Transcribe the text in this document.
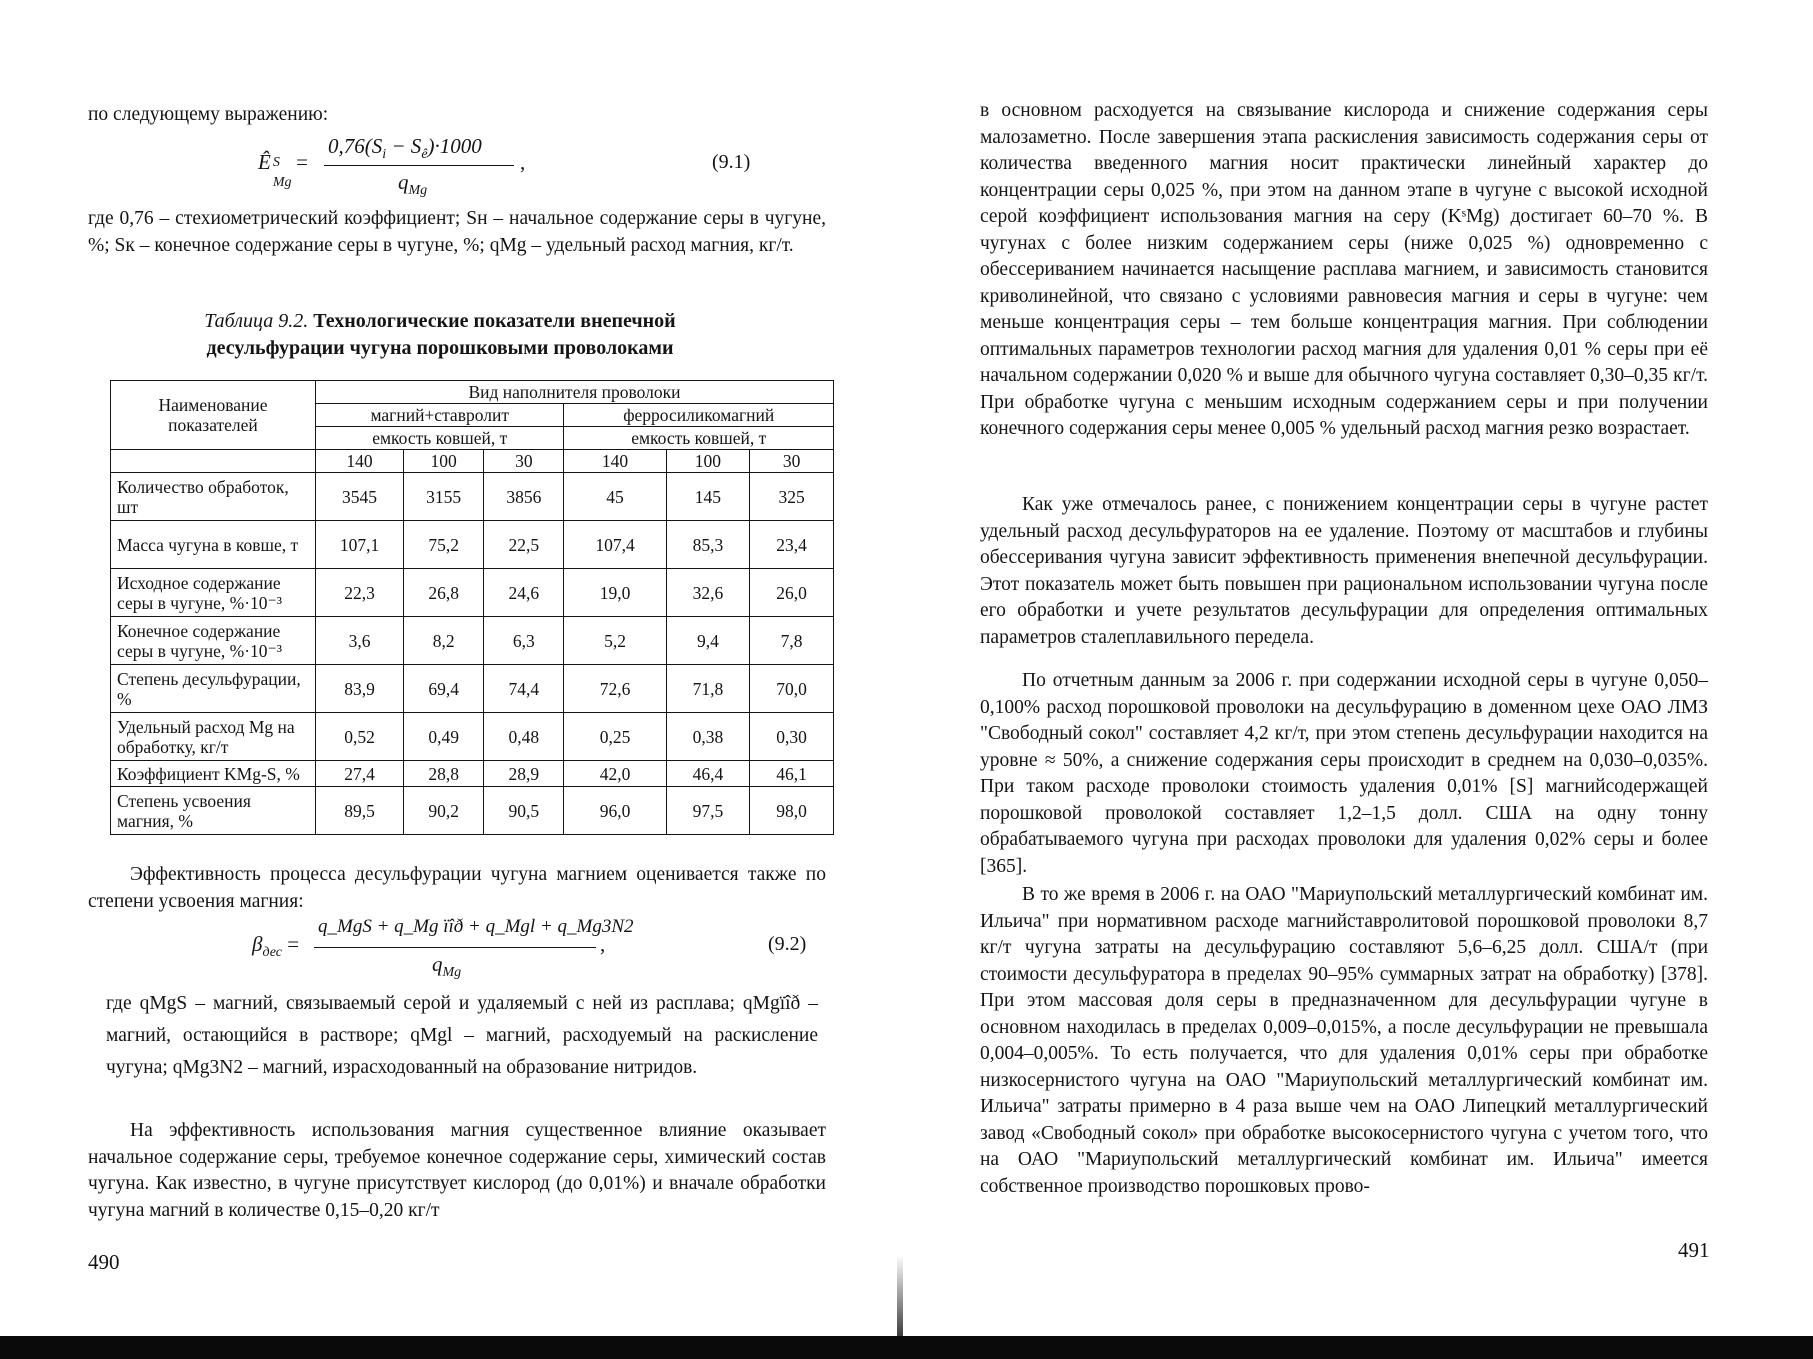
по следующему выражению:
Ê S
Mg
=
$0,76(S_i - S_ê)\cdot 1000$
$q_{Mg}$
,	(9.1)
где 0,76 – стехиометрический коэффициент; Sн – начальное содержание серы в чугуне, %; Sк – конечное содержание серы в чугуне, %; qMg – удельный расход магния, кг/т.
Таблица 9.2. Технологические показатели внепечной
десульфурации чугуна порошковыми проволоками
Наименование показателей	Вид наполнителя проволоки					
	магний+ставролит			ферросиликомагний		
	емкость ковшей, т			емкость ковшей, т		
	140	100	30	140	100	30
Количество обработок, шт	3545	3155	3856	45	145	325
Масса чугуна в ковше, т	107,1	75,2	22,5	107,4	85,3	23,4
Исходное содержание серы в чугуне, %·10⁻³	22,3	26,8	24,6	19,0	32,6	26,0
Конечное содержание серы в чугуне, %·10⁻³	3,6	8,2	6,3	5,2	9,4	7,8
Степень десульфурации, %	83,9	69,4	74,4	72,6	71,8	70,0
Удельный расход Mg на обработку, кг/т	0,52	0,49	0,48	0,25	0,38	0,30
Коэффициент KMg-S, %	27,4	28,8	28,9	42,0	46,4	46,1
Степень усвоения магния, %	89,5	90,2	90,5	96,0	97,5	98,0
Эффективность процесса десульфурации чугуна магнием оценивается также по степени усвоения магния:
$\beta_{дес}$ =
q_MgS + q_Mg ïîð + q_Mgl + q_Mg3N2
$q_{Mg}$
,	(9.2)
где qMgS – магний, связываемый серой и удаляемый с ней из расплава; qMgïîð – магний, остающийся в растворе; qMgl – магний, расходуемый на раскисление чугуна; qMg3N2 – магний, израсходованный на образование нитридов.
На эффективность использования магния существенное влияние оказывает начальное содержание серы, требуемое конечное содержание серы, химический состав чугуна. Как известно, в чугуне присутствует кислород (до 0,01%) и вначале обработки чугуна магний в количестве 0,15–0,20 кг/т
490
в основном расходуется на связывание кислорода и снижение содержания серы малозаметно. После завершения этапа раскисления зависимость содержания серы от количества введенного магния носит практически линейный характер до концентрации серы 0,025 %, при этом на данном этапе в чугуне с высокой исходной серой коэффициент использования магния на серу (KˢMg) достигает 60–70 %. В чугунах с более низким содержанием серы (ниже 0,025 %) одновременно с обессериванием начинается насыщение расплава магнием, и зависимость становится криволинейной, что связано с условиями равновесия магния и серы в чугуне: чем меньше концентрация серы – тем больше концентрация магния. При соблюдении оптимальных параметров технологии расход магния для удаления 0,01 % серы при её начальном содержании 0,020 % и выше для обычного чугуна составляет 0,30–0,35 кг/т. При обработке чугуна с меньшим исходным содержанием серы и при получении конечного содержания серы менее 0,005 % удельный расход магния резко возрастает.
Как уже отмечалось ранее, с понижением концентрации серы в чугуне растет удельный расход десульфураторов на ее удаление. Поэтому от масштабов и глубины обессеривания чугуна зависит эффективность применения внепечной десульфурации. Этот показатель может быть повышен при рациональном использовании чугуна после его обработки и учете результатов десульфурации для определения оптимальных параметров сталеплавильного передела.
По отчетным данным за 2006 г. при содержании исходной серы в чугуне 0,050–0,100% расход порошковой проволоки на десульфурацию в доменном цехе ОАО ЛМЗ "Свободный сокол" составляет 4,2 кг/т, при этом степень десульфурации находится на уровне ≈ 50%, а снижение содержания серы происходит в среднем на 0,030–0,035%. При таком расходе проволоки стоимость удаления 0,01% [S] магнийсодержащей порошковой проволокой составляет 1,2–1,5 долл. США на одну тонну обрабатываемого чугуна при расходах проволоки для удаления 0,02% серы и более [365].
В то же время в 2006 г. на ОАО "Мариупольский металлургический комбинат им. Ильича" при нормативном расходе магнийставролитовой порошковой проволоки 8,7 кг/т чугуна затраты на десульфурацию составляют 5,6–6,25 долл. США/т (при стоимости десульфуратора в пределах 90–95% суммарных затрат на обработку) [378]. При этом массовая доля серы в предназначенном для десульфурации чугуне в основном находилась в пределах 0,009–0,015%, а после десульфурации не превышала 0,004–0,005%. То есть получается, что для удаления 0,01% серы при обработке низкосернистого чугуна на ОАО "Мариупольский металлургический комбинат им. Ильича" затраты примерно в 4 раза выше чем на ОАО Липецкий металлургический завод «Свободный сокол» при обработке высокосернистого чугуна с учетом того, что на ОАО "Мариупольский металлургический комбинат им. Ильича" имеется собственное производство порошковых прово-
491
